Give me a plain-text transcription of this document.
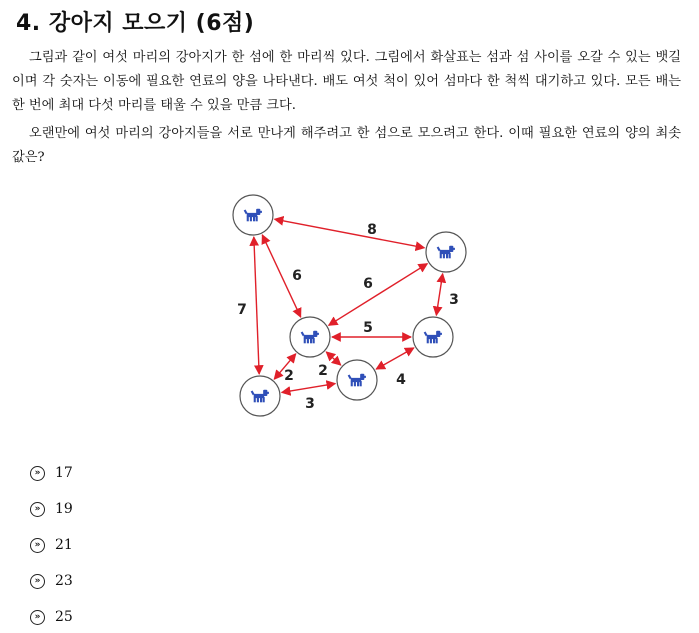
4. 강아지 모으기 (6점)

그림과 같이 여섯 마리의 강아지가 한 섬에 한 마리씩 있다. 그림에서 화살표는 섬과 섬 사이를 오갈 수 있는 뱃길이며 각 숫자는 이동에 필요한 연료의 양을 나타낸다. 배도 여섯 척이 있어 섬마다 한 척씩 대기하고 있다. 모든 배는 한 번에 최대 다섯 마리를 태울 수 있을 만큼 크다.

오랜만에 여섯 마리의 강아지들을 서로 만나게 해주려고 한 섬으로 모으려고 한다. 이때 필요한 연료의 양의 최솟값은?

8
6	6
3
7
5
2 2
4
3
»	17
»	19
»	21
»	23
»	25
